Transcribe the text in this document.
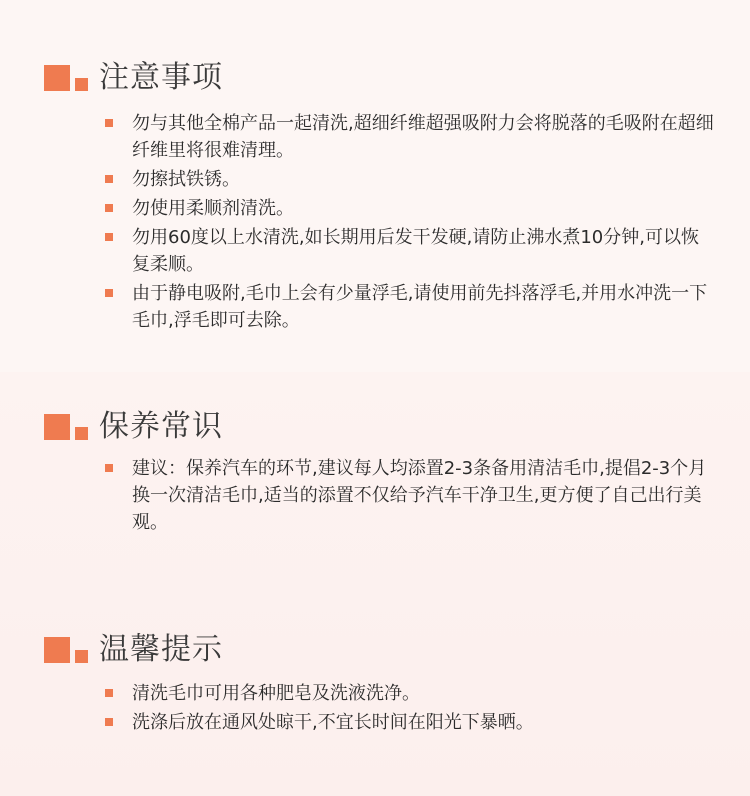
注意事项
勿与其他全棉产品一起清洗,超细纤维超强吸附力会将脱落的毛吸附在超细纤维里将很难清理。
勿擦拭铁锈。
勿使用柔顺剂清洗。
勿用60度以上水清洗,如长期用后发干发硬,请防止沸水煮10分钟,可以恢复柔顺。
由于静电吸附,毛巾上会有少量浮毛,请使用前先抖落浮毛,并用水冲洗一下毛巾,浮毛即可去除。
保养常识
建议：保养汽车的环节,建议每人均添置2-3条备用清洁毛巾,提倡2-3个月换一次清洁毛巾,适当的添置不仅给予汽车干净卫生,更方便了自己出行美观。
温馨提示
清洗毛巾可用各种肥皂及洗液洗净。
洗涤后放在通风处晾干,不宜长时间在阳光下暴晒。
